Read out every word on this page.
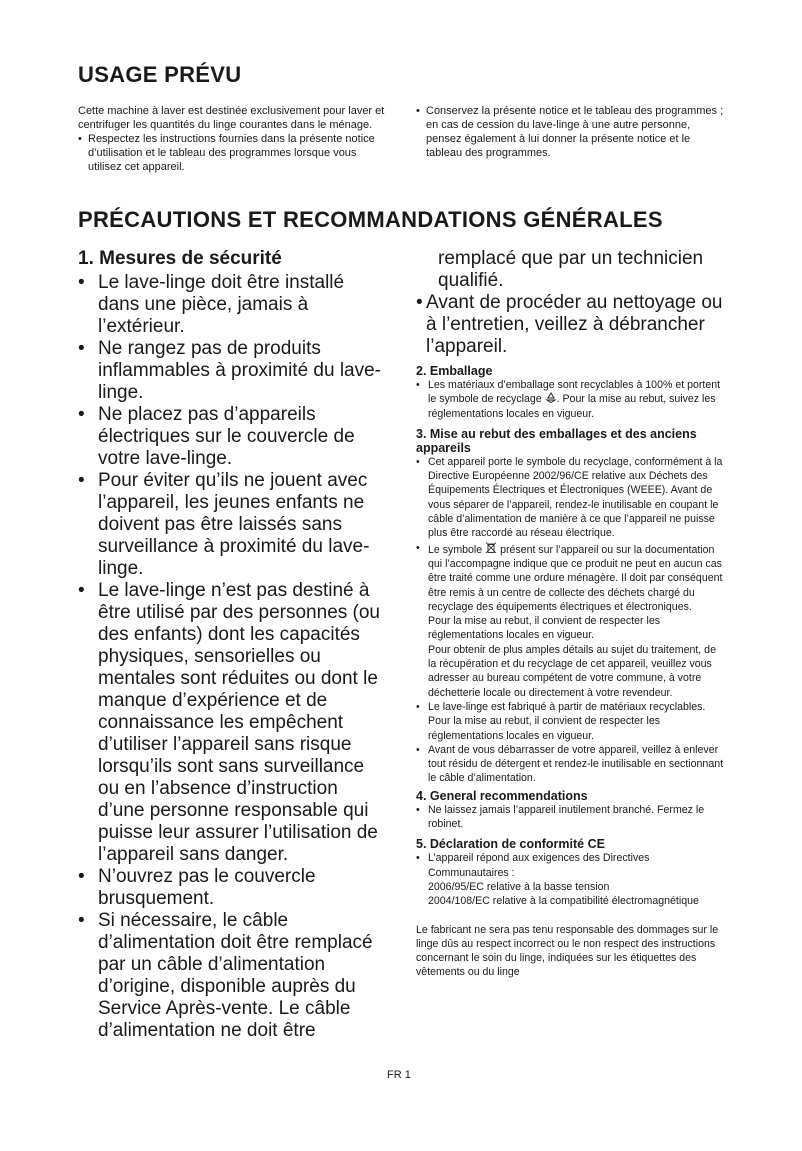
USAGE PRÉVU
Cette machine à laver est destinée exclusivement pour laver et centrifuger les quantités du linge courantes dans le ménage.
• Respectez les instructions fournies dans la présente notice d’utilisation et le tableau des programmes lorsque vous utilisez cet appareil.
• Conservez la présente notice et le tableau des programmes ; en cas de cession du lave-linge à une autre personne, pensez également à lui donner la présente notice et le tableau des programmes.
PRÉCAUTIONS ET RECOMMANDATIONS GÉNÉRALES
1. Mesures de sécurité
• Le lave-linge doit être installé dans une pièce, jamais à l’extérieur.
• Ne rangez pas de produits inflammables à proximité du lave-linge.
• Ne placez pas d’appareils électriques sur le couvercle de votre lave-linge.
• Pour éviter qu’ils ne jouent avec l’appareil, les jeunes enfants ne doivent pas être laissés sans surveillance à proximité du lave-linge.
• Le lave-linge n’est pas destiné à être utilisé par des personnes (ou des enfants) dont les capacités physiques, sensorielles ou mentales sont réduites ou dont le manque d’expérience et de connaissance les empêchent d’utiliser l’appareil sans risque lorsqu’ils sont sans surveillance ou en l’absence d’instruction d’une personne responsable qui puisse leur assurer l’utilisation de l’appareil sans danger.
• N’ouvrez pas le couvercle brusquement.
• Si nécessaire, le câble d’alimentation doit être remplacé par un câble d’alimentation d’origine, disponible auprès du Service Après-vente. Le câble d’alimentation ne doit être
remplacé que par un technicien qualifié.
• Avant de procéder au nettoyage ou à l’entretien, veillez à débrancher l’appareil.
2. Emballage
• Les matériaux d’emballage sont recyclables à 100% et portent le symbole de recyclage . Pour la mise au rebut, suivez les réglementations locales en vigueur.
3. Mise au rebut des emballages et des anciens appareils
• Cet appareil porte le symbole du recyclage, conformément à la Directive Européenne 2002/96/CE relative aux Déchets des Équipements Électriques et Électroniques (WEEE). Avant de vous séparer de l’appareil, rendez-le inutilisable en coupant le câble d’alimentation de manière à ce que l’appareil ne puisse plus être raccordé au réseau électrique.
• Le symbole présent sur l’appareil ou sur la documentation qui l’accompagne indique que ce produit ne peut en aucun cas être traité comme une ordure ménagère. Il doit par conséquent être remis à un centre de collecte des déchets chargé du recyclage des équipements électriques et électroniques.
Pour la mise au rebut, il convient de respecter les réglementations locales en vigueur.
Pour obtenir de plus amples détails au sujet du traitement, de la récupération et du recyclage de cet appareil, veuillez vous adresser au bureau compétent de votre commune, à votre déchetterie locale ou directement à votre revendeur.
• Le lave-linge est fabriqué à partir de matériaux recyclables. Pour la mise au rebut, il convient de respecter les réglementations locales en vigueur.
• Avant de vous débarrasser de votre appareil, veillez à enlever tout résidu de détergent et rendez-le inutilisable en sectionnant le câble d’alimentation.
4. General recommendations
• Ne laissez jamais l’appareil inutilement branché. Fermez le robinet.
5. Déclaration de conformité CE
• L’appareil répond aux exigences des Directives Communautaires :
2006/95/EC relative à la basse tension
2004/108/EC relative à la compatibilité électromagnétique
Le fabricant ne sera pas tenu responsable des dommages sur le linge dûs au respect incorrect ou le non respect des instructions concernant le soin du linge, indiquées sur les étiquettes des vêtements ou du linge
FR 1
